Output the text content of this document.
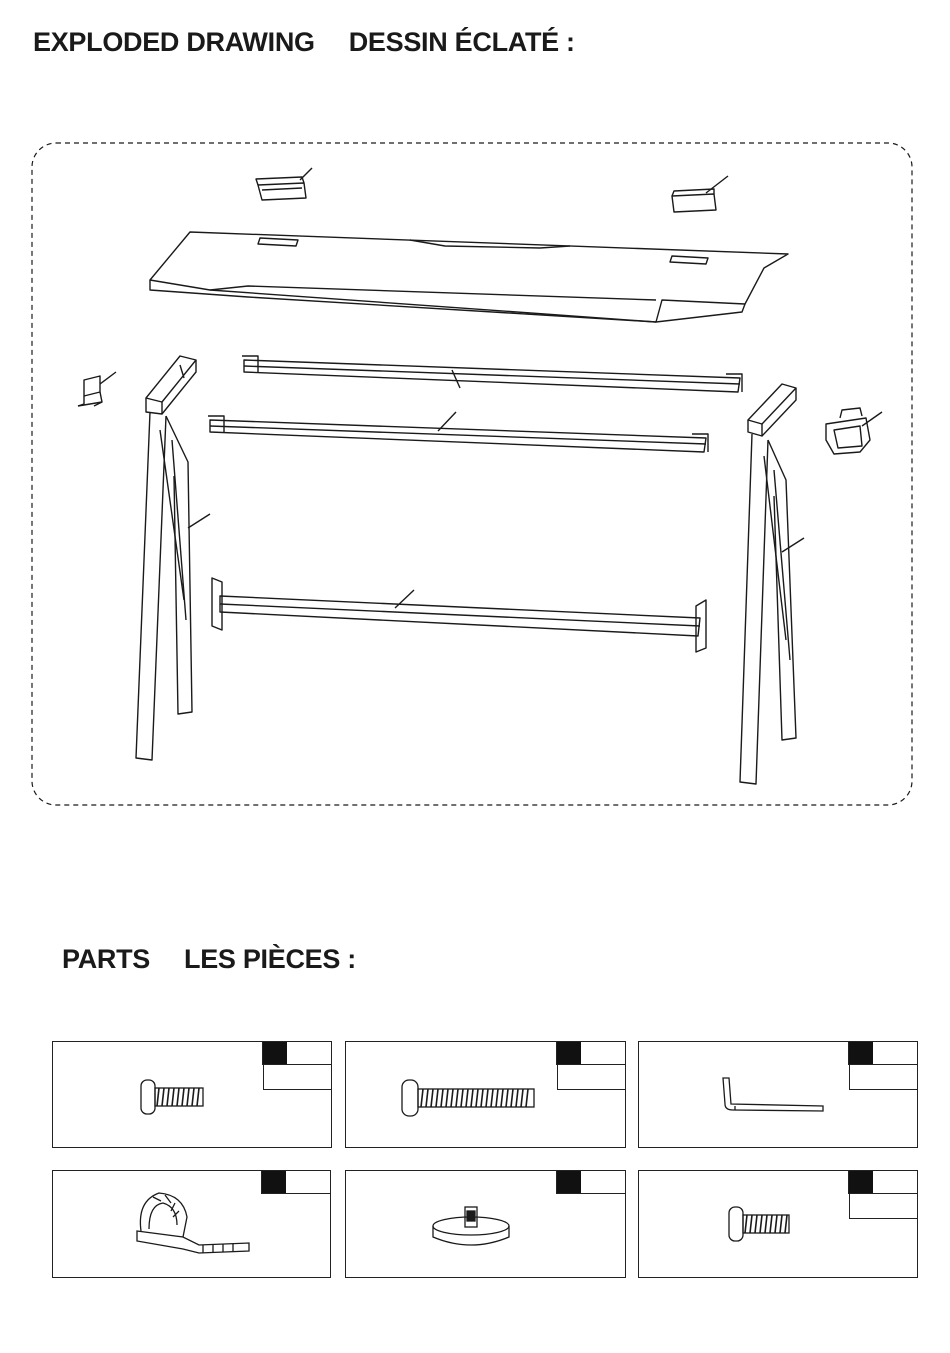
EXPLODED DRAWING DESSIN ÉCLATÉ :
PARTS LES PIÈCES :
